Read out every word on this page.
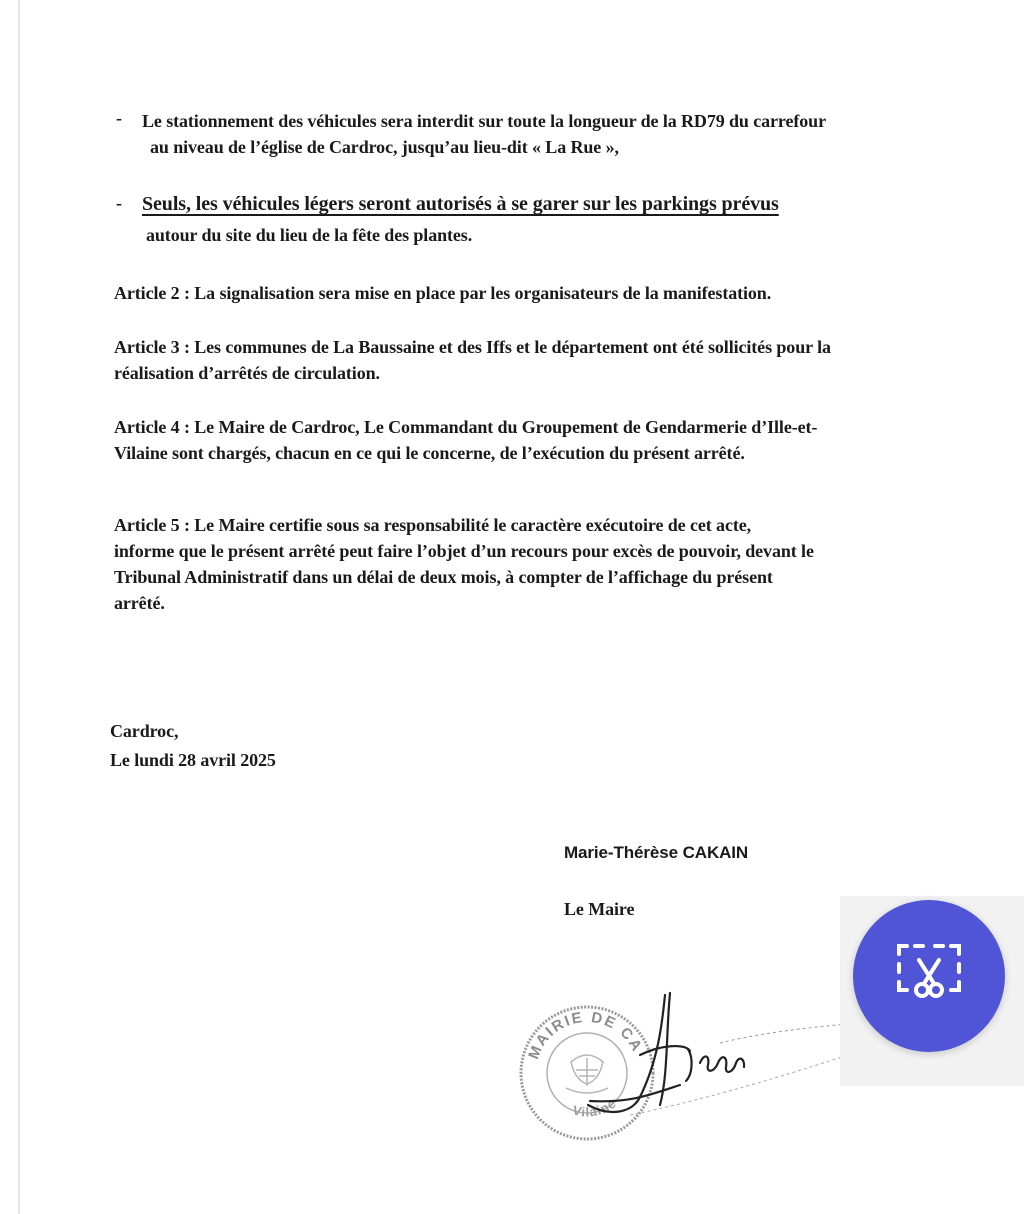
- Le stationnement des véhicules sera interdit sur toute la longueur de la RD79 du carrefour

au niveau de l’église de Cardroc, jusqu’au lieu-dit « La Rue »,

- Seuls, les véhicules légers seront autorisés à se garer sur les parkings prévus

autour du site du lieu de la fête des plantes.

Article 2 : La signalisation sera mise en place par les organisateurs de la manifestation.

Article 3 : Les communes de La Baussaine et des Iffs et le département ont été sollicités pour la

réalisation d’arrêtés de circulation.

Article 4 : Le Maire de Cardroc, Le Commandant du Groupement de Gendarmerie d’Ille-et-

Vilaine sont chargés, chacun en ce qui le concerne, de l’exécution du présent arrêté.

Article 5 : Le Maire certifie sous sa responsabilité le caractère exécutoire de cet acte,

informe que le présent arrêté peut faire l’objet d’un recours pour excès de pouvoir, devant le

Tribunal Administratif dans un délai de deux mois, à compter de l’affichage du présent

arrêté.

Cardroc,

Le lundi 28 avril 2025

Marie-Thérèse CAKAIN

Le Maire

MAIRIE DE CA
Vilaine
